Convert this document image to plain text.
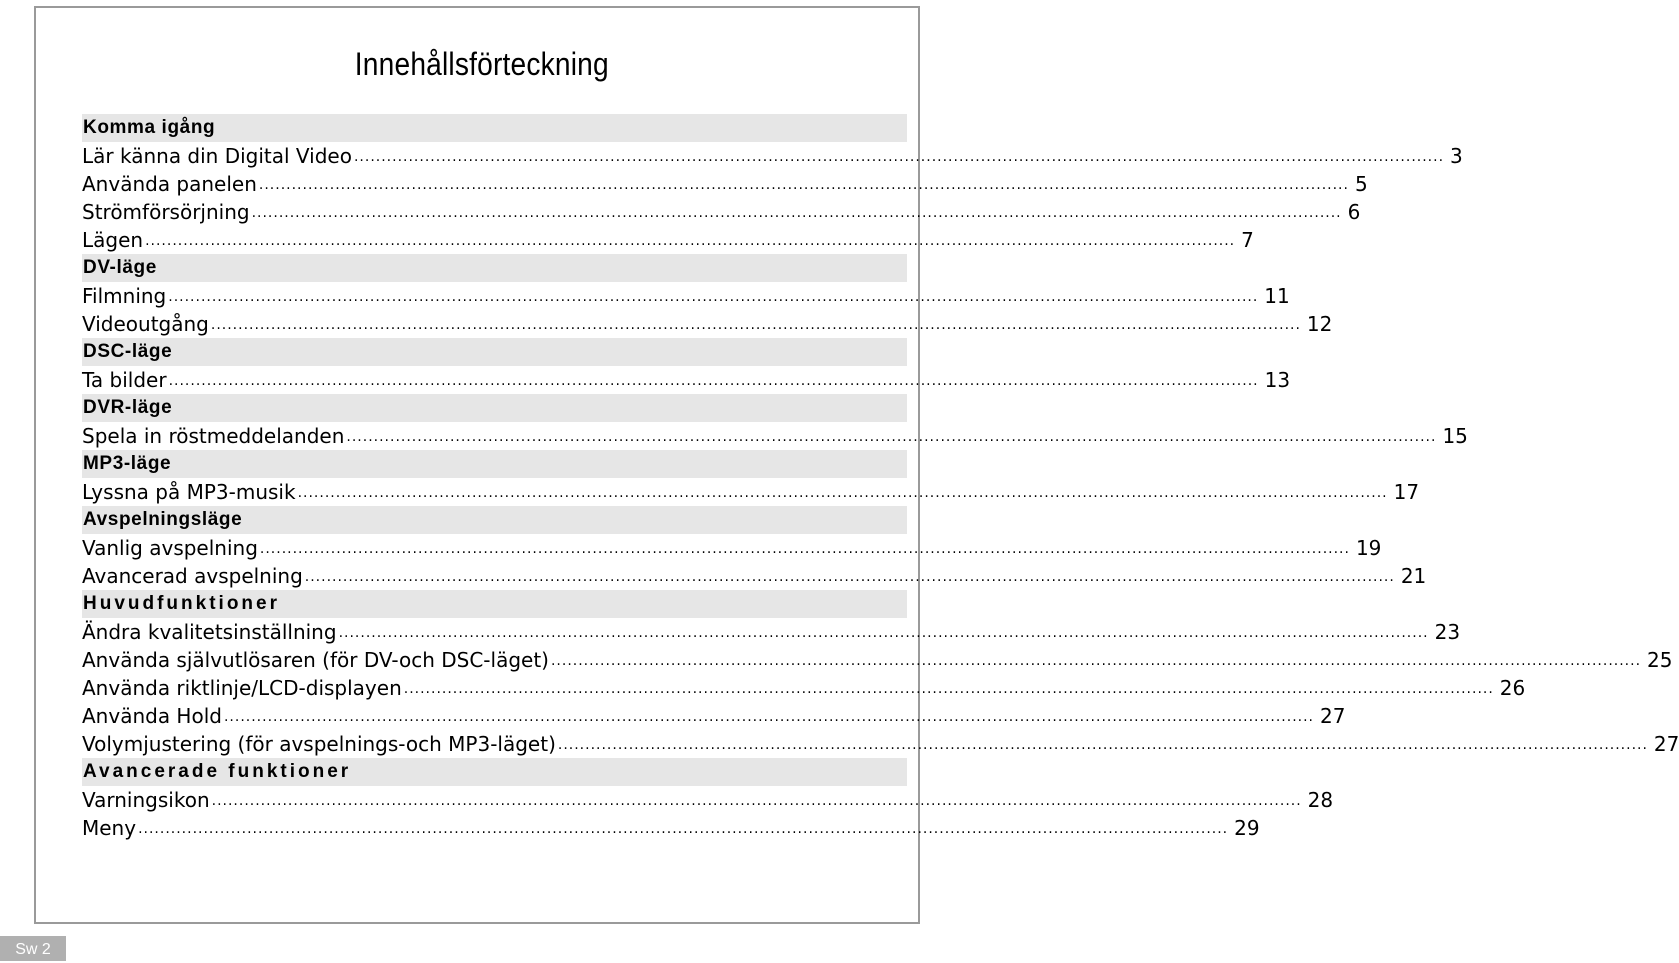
Innehållsförteckning
Komma igång
Lär känna din Digital Video ........................................................................................................................................................................................................ 3
Använda panelen ........................................................................................................................................................................................................ 5
Strömförsörjning ........................................................................................................................................................................................................ 6
Lägen ........................................................................................................................................................................................................ 7
DV-läge
Filmning ........................................................................................................................................................................................................ 11
Videoutgång ........................................................................................................................................................................................................ 12
DSC-läge
Ta bilder ........................................................................................................................................................................................................ 13
DVR-läge
Spela in röstmeddelanden ........................................................................................................................................................................................................ 15
MP3-läge
Lyssna på MP3-musik ........................................................................................................................................................................................................ 17
Avspelningsläge
Vanlig avspelning ........................................................................................................................................................................................................ 19
Avancerad avspelning ........................................................................................................................................................................................................ 21
Huvudfunktioner
Ändra kvalitetsinställning ........................................................................................................................................................................................................ 23
Använda självutlösaren (för DV-och DSC-läget) ........................................................................................................................................................................................................ 25
Använda riktlinje/LCD-displayen ........................................................................................................................................................................................................ 26
Använda Hold ........................................................................................................................................................................................................ 27
Volymjustering (för avspelnings-och MP3-läget) ........................................................................................................................................................................................................ 27
Avancerade funktioner
Varningsikon ........................................................................................................................................................................................................ 28
Meny ........................................................................................................................................................................................................ 29
Sw 2
